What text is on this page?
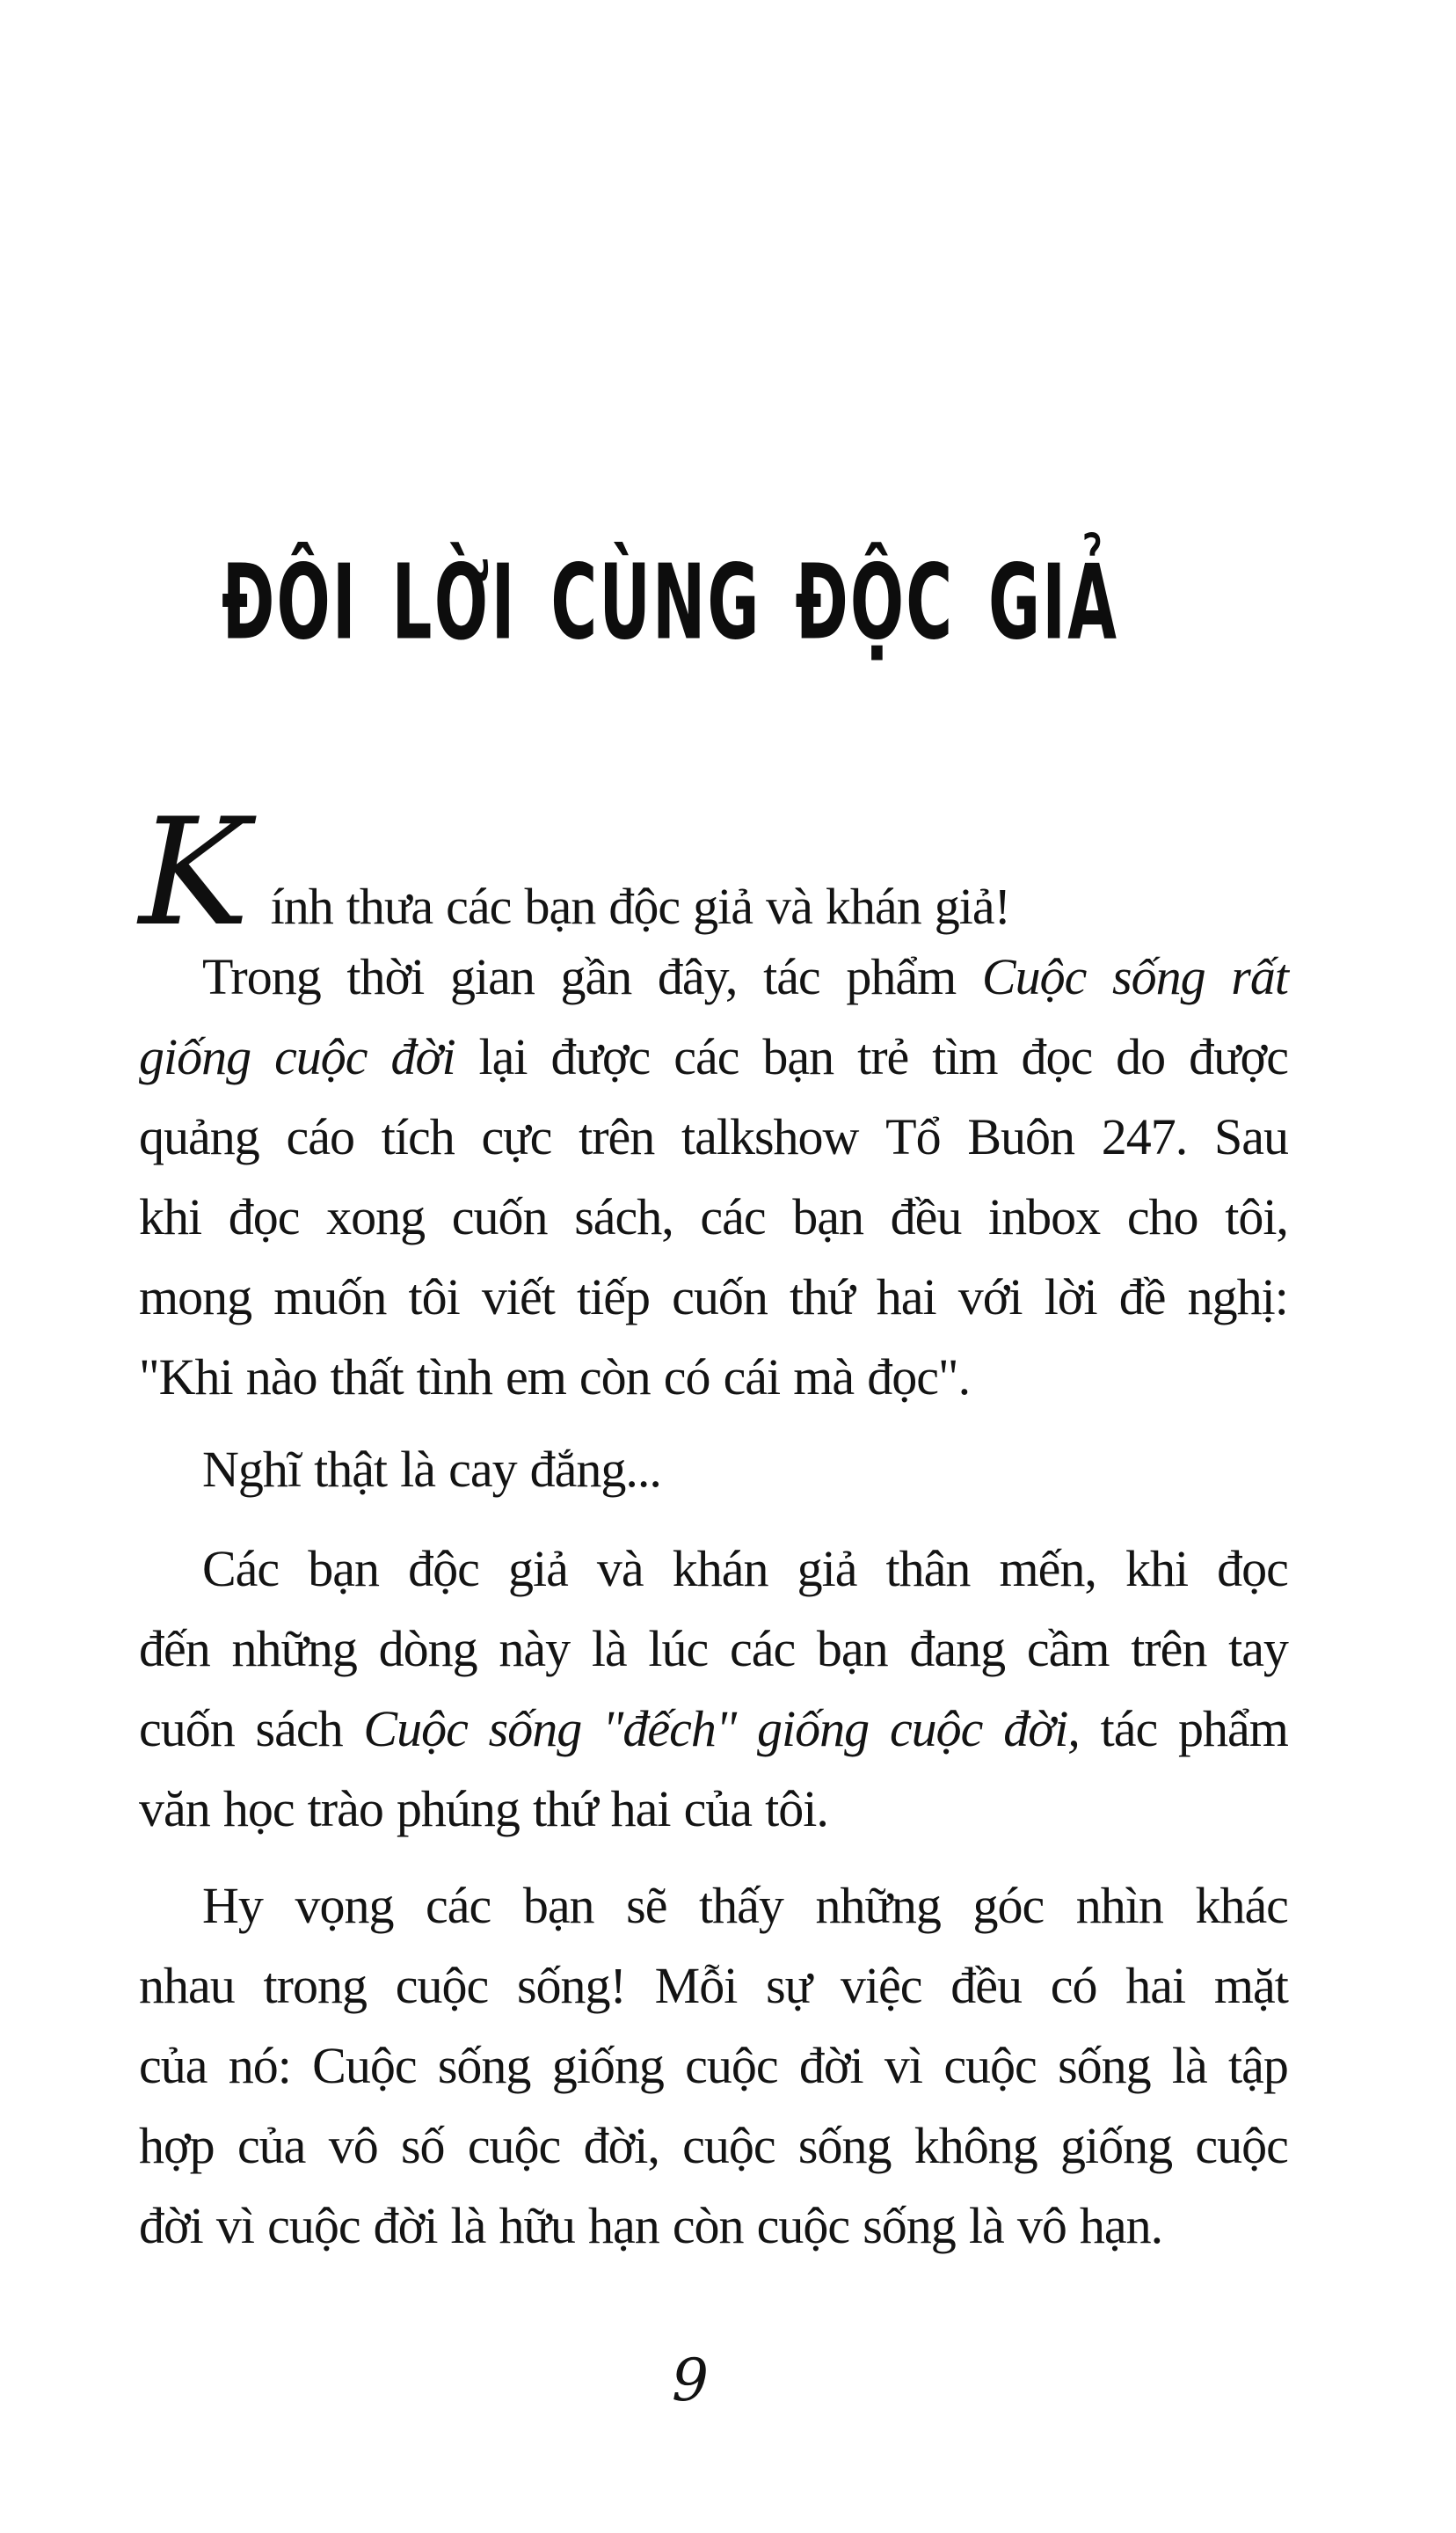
ĐÔI LỜI CÙNG ĐỘC GIẢ
K ính thưa các bạn độc giả và khán giả!
Trong thời gian gần đây, tác phẩm Cuộc sống rất
giống cuộc đời lại được các bạn trẻ tìm đọc do được
quảng cáo tích cực trên talkshow Tổ Buôn 247. Sau
khi đọc xong cuốn sách, các bạn đều inbox cho tôi,
mong muốn tôi viết tiếp cuốn thứ hai với lời đề nghị:
"Khi nào thất tình em còn có cái mà đọc".
Nghĩ thật là cay đắng...
Các bạn độc giả và khán giả thân mến, khi đọc
đến những dòng này là lúc các bạn đang cầm trên tay
cuốn sách Cuộc sống "đếch" giống cuộc đời, tác phẩm
văn học trào phúng thứ hai của tôi.
Hy vọng các bạn sẽ thấy những góc nhìn khác
nhau trong cuộc sống! Mỗi sự việc đều có hai mặt
của nó: Cuộc sống giống cuộc đời vì cuộc sống là tập
hợp của vô số cuộc đời, cuộc sống không giống cuộc
đời vì cuộc đời là hữu hạn còn cuộc sống là vô hạn.
9
